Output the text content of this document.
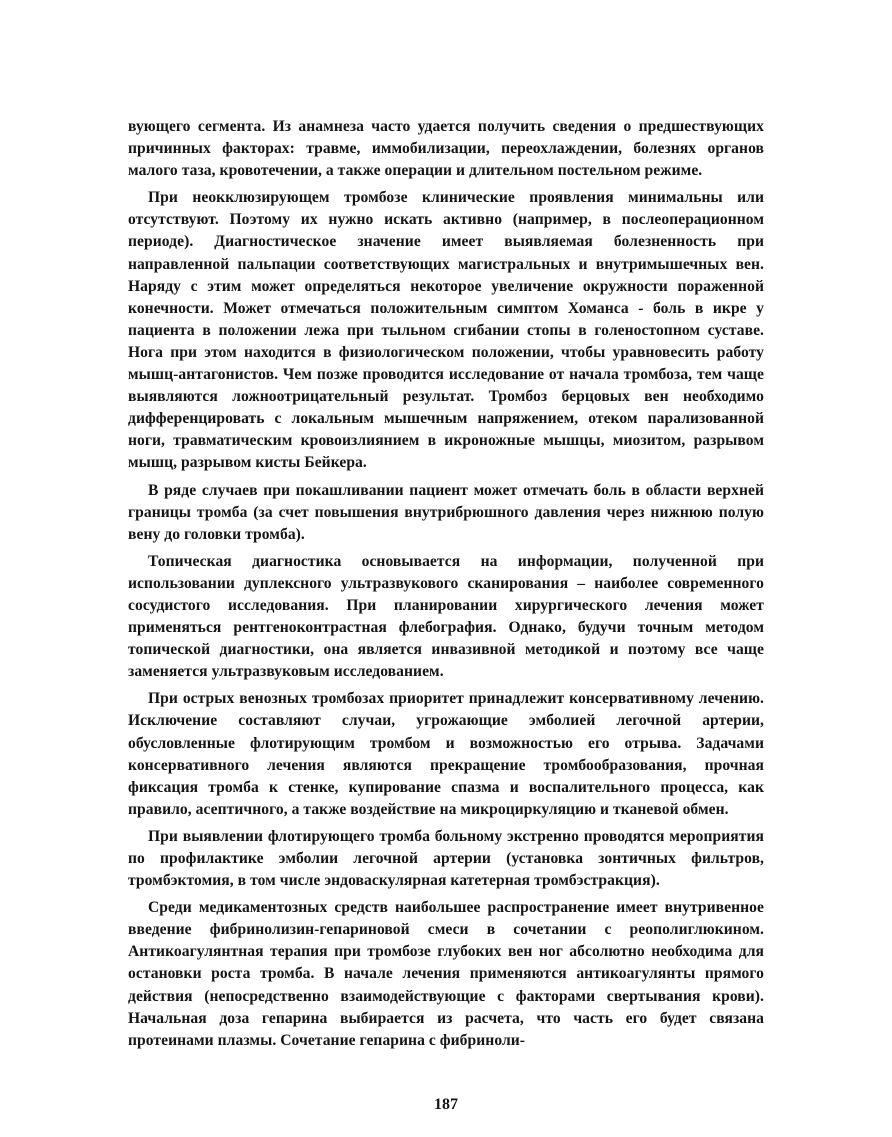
вующего сегмента. Из анамнеза часто удается получить сведения о предшествующих причинных факторах: травме, иммобилизации, переохлаждении, болезнях органов малого таза, кровотечении, а также операции и длительном постельном режиме.

При неокклюзирующем тромбозе клинические проявления минимальны или отсутствуют. Поэтому их нужно искать активно (например, в послеоперационном периоде). Диагностическое значение имеет выявляемая болезненность при направленной пальпации соответствующих магистральных и внутримышечных вен. Наряду с этим может определяться некоторое увеличение окружности пораженной конечности. Может отмечаться положительным симптом Хоманса - боль в икре у пациента в положении лежа при тыльном сгибании стопы в голеностопном суставе. Нога при этом находится в физиологическом положении, чтобы уравновесить работу мышц-антагонистов. Чем позже проводится исследование от начала тромбоза, тем чаще выявляются ложноотрицательный результат. Тромбоз берцовых вен необходимо дифференцировать с локальным мышечным напряжением, отеком парализованной ноги, травматическим кровоизлиянием в икроножные мышцы, миозитом, разрывом мышц, разрывом кисты Бейкера.

В ряде случаев при покашливании пациент может отмечать боль в области верхней границы тромба (за счет повышения внутрибрюшного давления через нижнюю полую вену до головки тромба).

Топическая диагностика основывается на информации, полученной при использовании дуплексного ультразвукового сканирования – наиболее современного сосудистого исследования. При планировании хирургического лечения может применяться рентгеноконтрастная флебография. Однако, будучи точным методом топической диагностики, она является инвазивной методикой и поэтому все чаще заменяется ультразвуковым исследованием.

При острых венозных тромбозах приоритет принадлежит консервативному лечению. Исключение составляют случаи, угрожающие эмболией легочной артерии, обусловленные флотирующим тромбом и возможностью его отрыва. Задачами консервативного лечения являются прекращение тромбообразования, прочная фиксация тромба к стенке, купирование спазма и воспалительного процесса, как правило, асептичного, а также воздействие на микроциркуляцию и тканевой обмен.

При выявлении флотирующего тромба больному экстренно проводятся мероприятия по профилактике эмболии легочной артерии (установка зонтичных фильтров, тромбэктомия, в том числе эндоваскулярная катетерная тромбэстракция).

Среди медикаментозных средств наибольшее распространение имеет внутривенное введение фибринолизин-гепариновой смеси в сочетании с реополиглюкином. Антикоагулянтная терапия при тромбозе глубоких вен ног абсолютно необходима для остановки роста тромба. В начале лечения применяются антикоагулянты прямого действия (непосредственно взаимодействующие с факторами свертывания крови). Начальная доза гепарина выбирается из расчета, что часть его будет связана протеинами плазмы. Сочетание гепарина с фибриноли-

187
